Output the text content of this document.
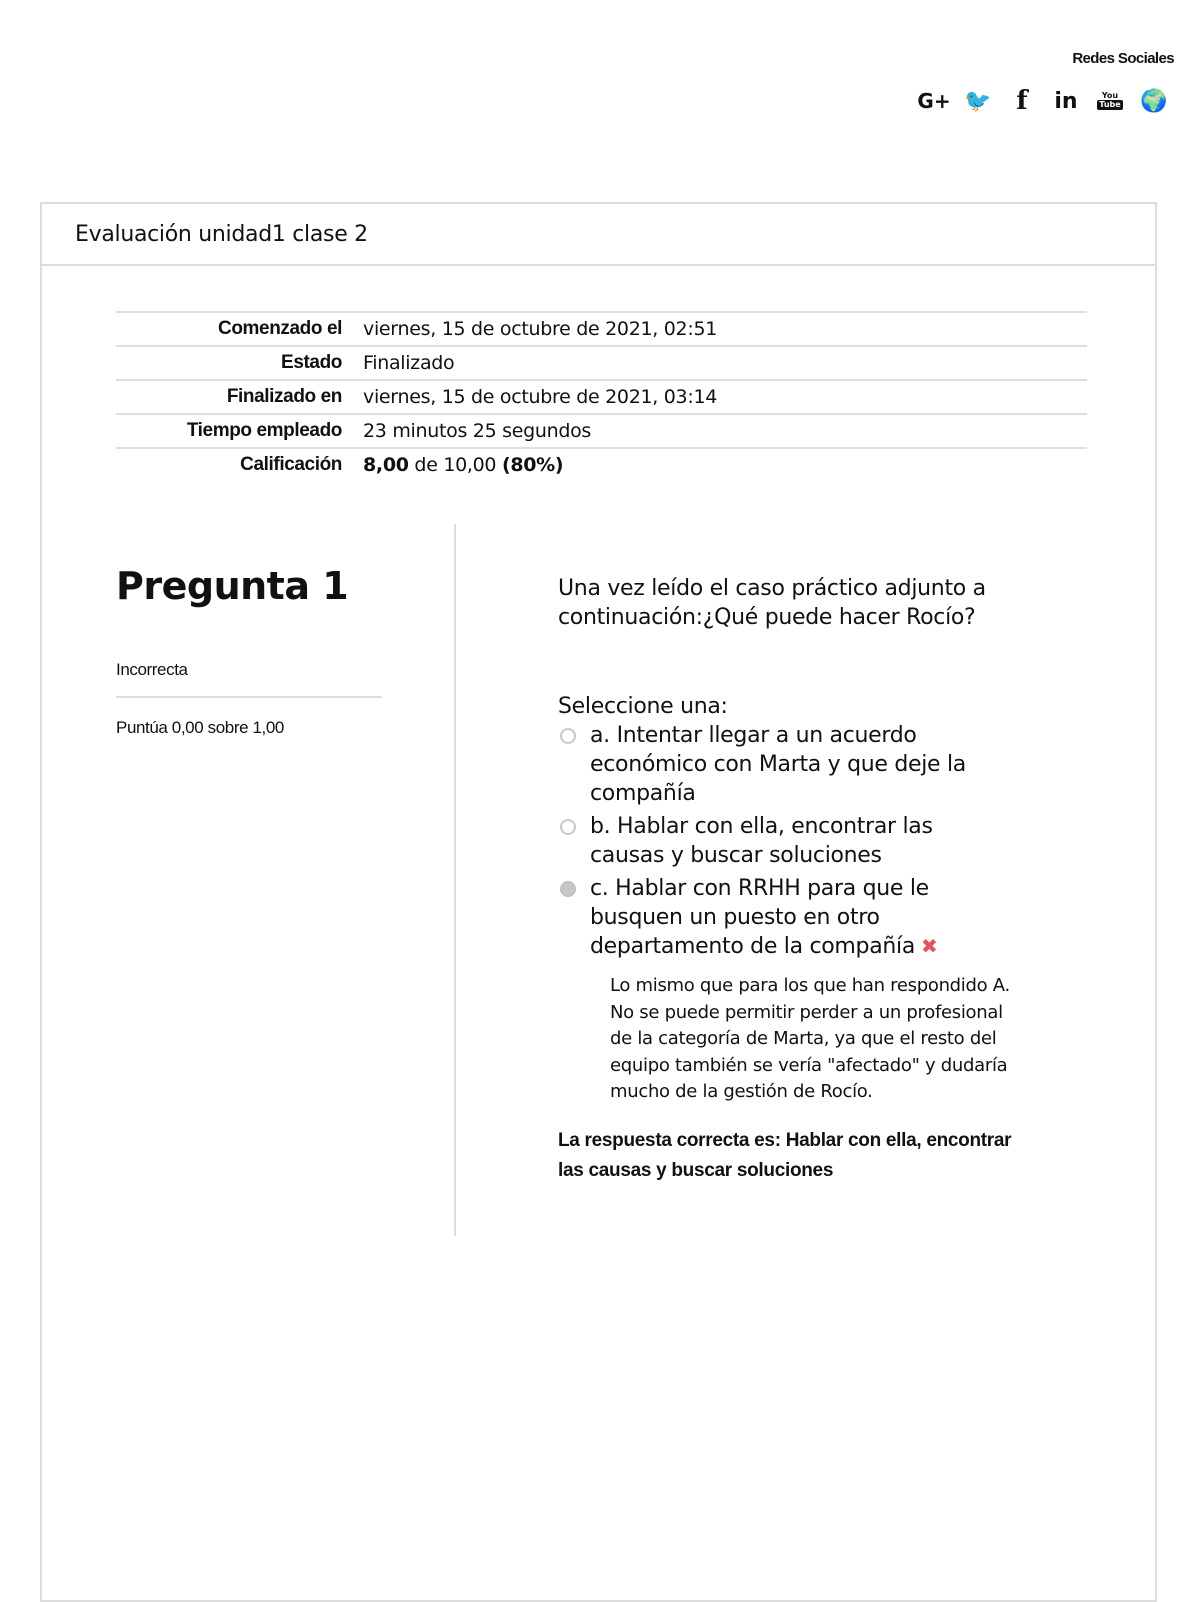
Redes Sociales
G+ 🐦 f	in	You
Tube 🌍
Evaluación unidad1 clase 2
Comenzado el	viernes, 15 de octubre de 2021, 02:51
Estado	Finalizado
Finalizado en	viernes, 15 de octubre de 2021, 03:14
Tiempo empleado	23 minutos 25 segundos
Calificación	8,00 de 10,00 (80%)
Pregunta 1
Incorrecta
Puntúa 0,00 sobre 1,00
Una vez leído el caso práctico adjunto a continuación:¿Qué puede hacer Rocío?
Seleccione una:
a. Intentar llegar a un acuerdo económico con Marta y que deje la compañía
b. Hablar con ella, encontrar las causas y buscar soluciones
c. Hablar con RRHH para que le busquen un puesto en otro departamento de la compañía ✖
Lo mismo que para los que han respondido A. No se puede permitir perder a un profesional de la categoría de Marta, ya que el resto del equipo también se vería "afectado" y dudaría mucho de la gestión de Rocío.
La respuesta correcta es: Hablar con ella, encontrar las causas y buscar soluciones
